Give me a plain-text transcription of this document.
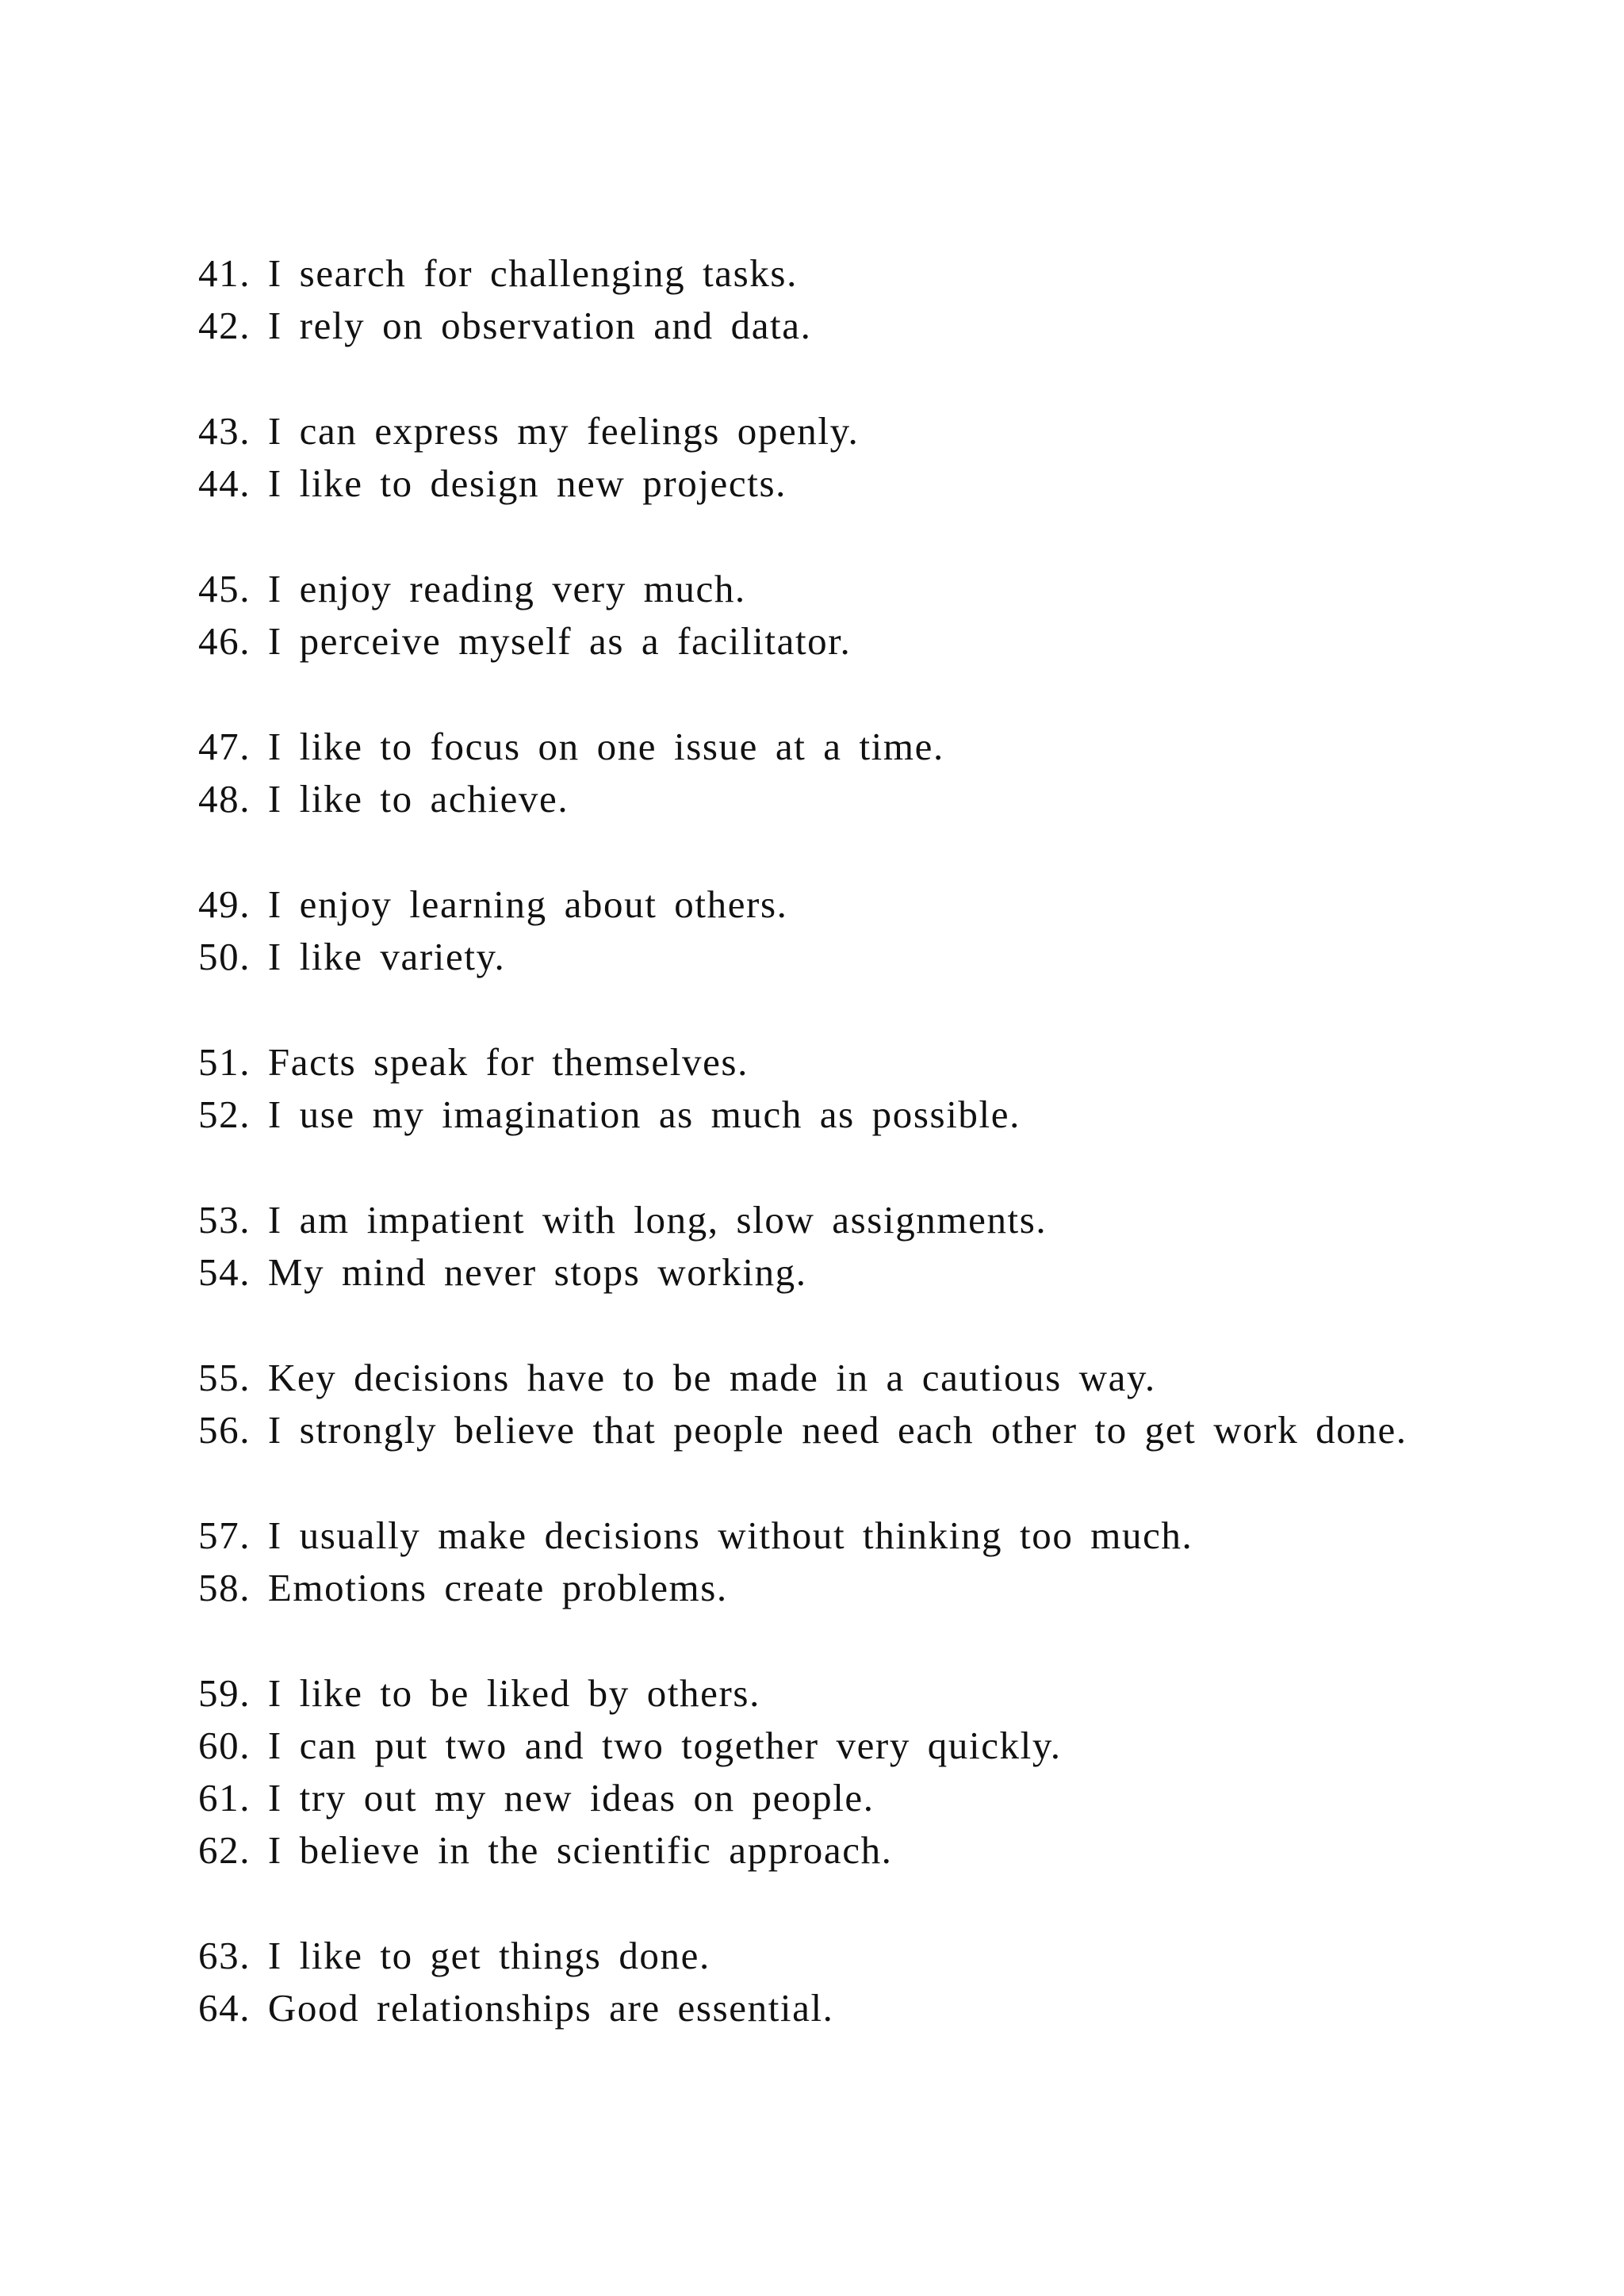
41. I search for challenging tasks.
42. I rely on observation and data.
43. I can express my feelings openly.
44. I like to design new projects.
45. I enjoy reading very much.
46. I perceive myself as a facilitator.
47. I like to focus on one issue at a time.
48. I like to achieve.
49. I enjoy learning about others.
50. I like variety.
51. Facts speak for themselves.
52. I use my imagination as much as possible.
53. I am impatient with long, slow assignments.
54. My mind never stops working.
55. Key decisions have to be made in a cautious way.
56. I strongly believe that people need each other to get work done.
57. I usually make decisions without thinking too much.
58. Emotions create problems.
59. I like to be liked by others.
60. I can put two and two together very quickly.
61. I try out my new ideas on people.
62. I believe in the scientific approach.
63. I like to get things done.
64. Good relationships are essential.
